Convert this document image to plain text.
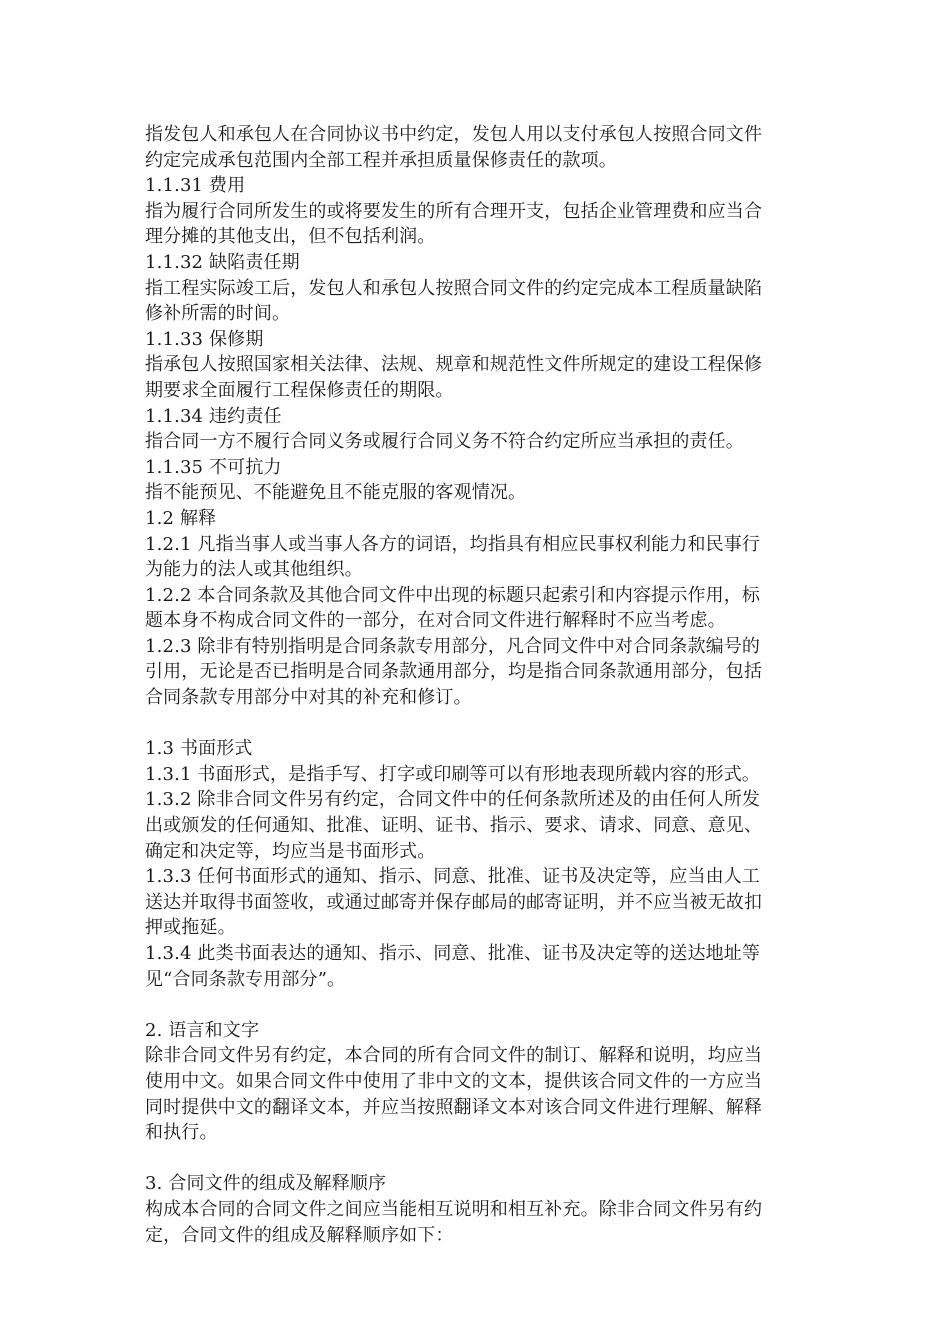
指发包人和承包人在合同协议书中约定，发包人用以支付承包人按照合同文件
约定完成承包范围内全部工程并承担质量保修责任的款项。
1.1.31 费用
指为履行合同所发生的或将要发生的所有合理开支，包括企业管理费和应当合
理分摊的其他支出，但不包括利润。
1.1.32 缺陷责任期
指工程实际竣工后，发包人和承包人按照合同文件的约定完成本工程质量缺陷
修补所需的时间。
1.1.33 保修期
指承包人按照国家相关法律、法规、规章和规范性文件所规定的建设工程保修
期要求全面履行工程保修责任的期限。
1.1.34 违约责任
指合同一方不履行合同义务或履行合同义务不符合约定所应当承担的责任。
1.1.35 不可抗力
指不能预见、不能避免且不能克服的客观情况。
1.2 解释
1.2.1 凡指当事人或当事人各方的词语，均指具有相应民事权利能力和民事行
为能力的法人或其他组织。
1.2.2 本合同条款及其他合同文件中出现的标题只起索引和内容提示作用，标
题本身不构成合同文件的一部分，在对合同文件进行解释时不应当考虑。
1.2.3 除非有特别指明是合同条款专用部分，凡合同文件中对合同条款编号的
引用，无论是否已指明是合同条款通用部分，均是指合同条款通用部分，包括
合同条款专用部分中对其的补充和修订。
1.3 书面形式
1.3.1 书面形式，是指手写、打字或印刷等可以有形地表现所载内容的形式。
1.3.2 除非合同文件另有约定，合同文件中的任何条款所述及的由任何人所发
出或颁发的任何通知、批准、证明、证书、指示、要求、请求、同意、意见、
确定和决定等，均应当是书面形式。
1.3.3 任何书面形式的通知、指示、同意、批准、证书及决定等，应当由人工
送达并取得书面签收，或通过邮寄并保存邮局的邮寄证明，并不应当被无故扣
押或拖延。
1.3.4 此类书面表达的通知、指示、同意、批准、证书及决定等的送达地址等
见“合同条款专用部分”。
2. 语言和文字
除非合同文件另有约定，本合同的所有合同文件的制订、解释和说明，均应当
使用中文。如果合同文件中使用了非中文的文本，提供该合同文件的一方应当
同时提供中文的翻译文本，并应当按照翻译文本对该合同文件进行理解、解释
和执行。
3. 合同文件的组成及解释顺序
构成本合同的合同文件之间应当能相互说明和相互补充。除非合同文件另有约
定，合同文件的组成及解释顺序如下：
